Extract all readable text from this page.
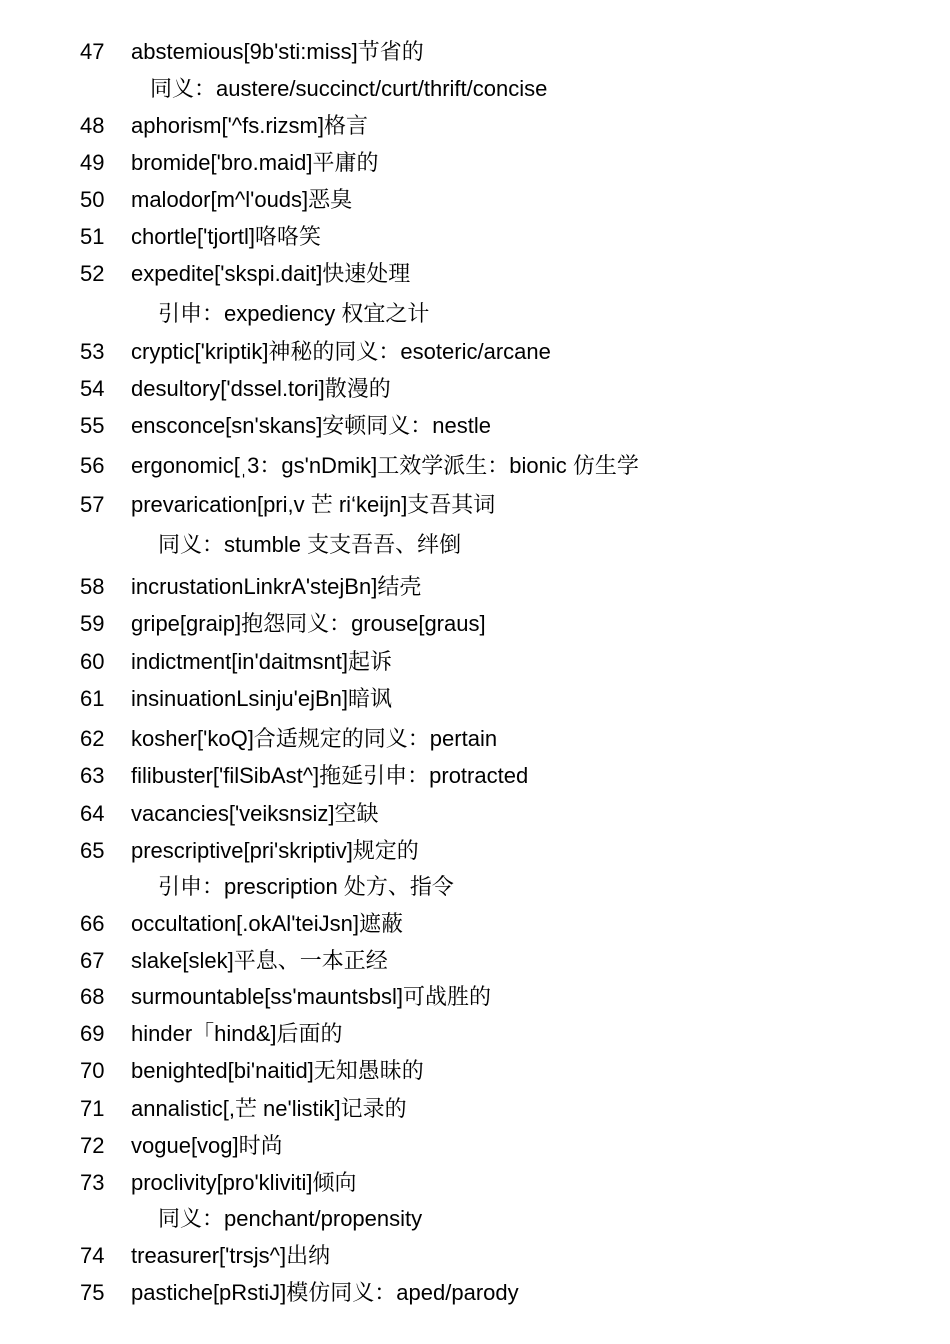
47	abstemious[9b'sti:miss]节省的
同义：austere/succinct/curt/thrift/concise
48	aphorism['^fs.rizsm]格言
49	bromide['bro.maid]平庸的
50	malodor[m^l'ouds]恶臭
51	chortle['tjortl]咯咯笑
52	expedite['skspi.dait]快速处理
引申：expediency 权宜之计
53	cryptic['kriptik]神秘的同义：esoteric/arcane
54	desultory['dssel.tori]散漫的
55	ensconce[sn'skans]安顿同义：nestle
56	ergonomic[ˌ3：gs'nDmik]工效学派生：bionic 仿生学
57	prevarication[pri,v 芒 ri‘keijn]支吾其词
同义：stumble 支支吾吾、绊倒
58	incrustationLinkrA'stejBn]结壳
59	gripe[graip]抱怨同义：grouse[graus]
60	indictment[in'daitmsnt]起诉
61	insinuationLsinju'ejBn]暗讽
62	kosher['koQ]合适规定的同义：pertain
63	filibuster['filSibAst^]拖延引申：protracted
64	vacancies['veiksnsiz]空缺
65	prescriptive[pri'skriptiv]规定的
引申：prescription 处方、指令
66	occultation[.okAl'teiJsn]遮蔽
67	slake[slek]平息、一本正经
68	surmountable[ss'mauntsbsl]可战胜的
69	hinder「hind&]后面的
70	benighted[bi'naitid]无知愚昧的
71	annalistic[,芒 ne'listik]记录的
72	vogue[vog]时尚
73	proclivity[pro'kliviti]倾向
同义：penchant/propensity
74	treasurer['trsjs^]出纳
75	pastiche[pRstiJ]模仿同义：aped/parody
